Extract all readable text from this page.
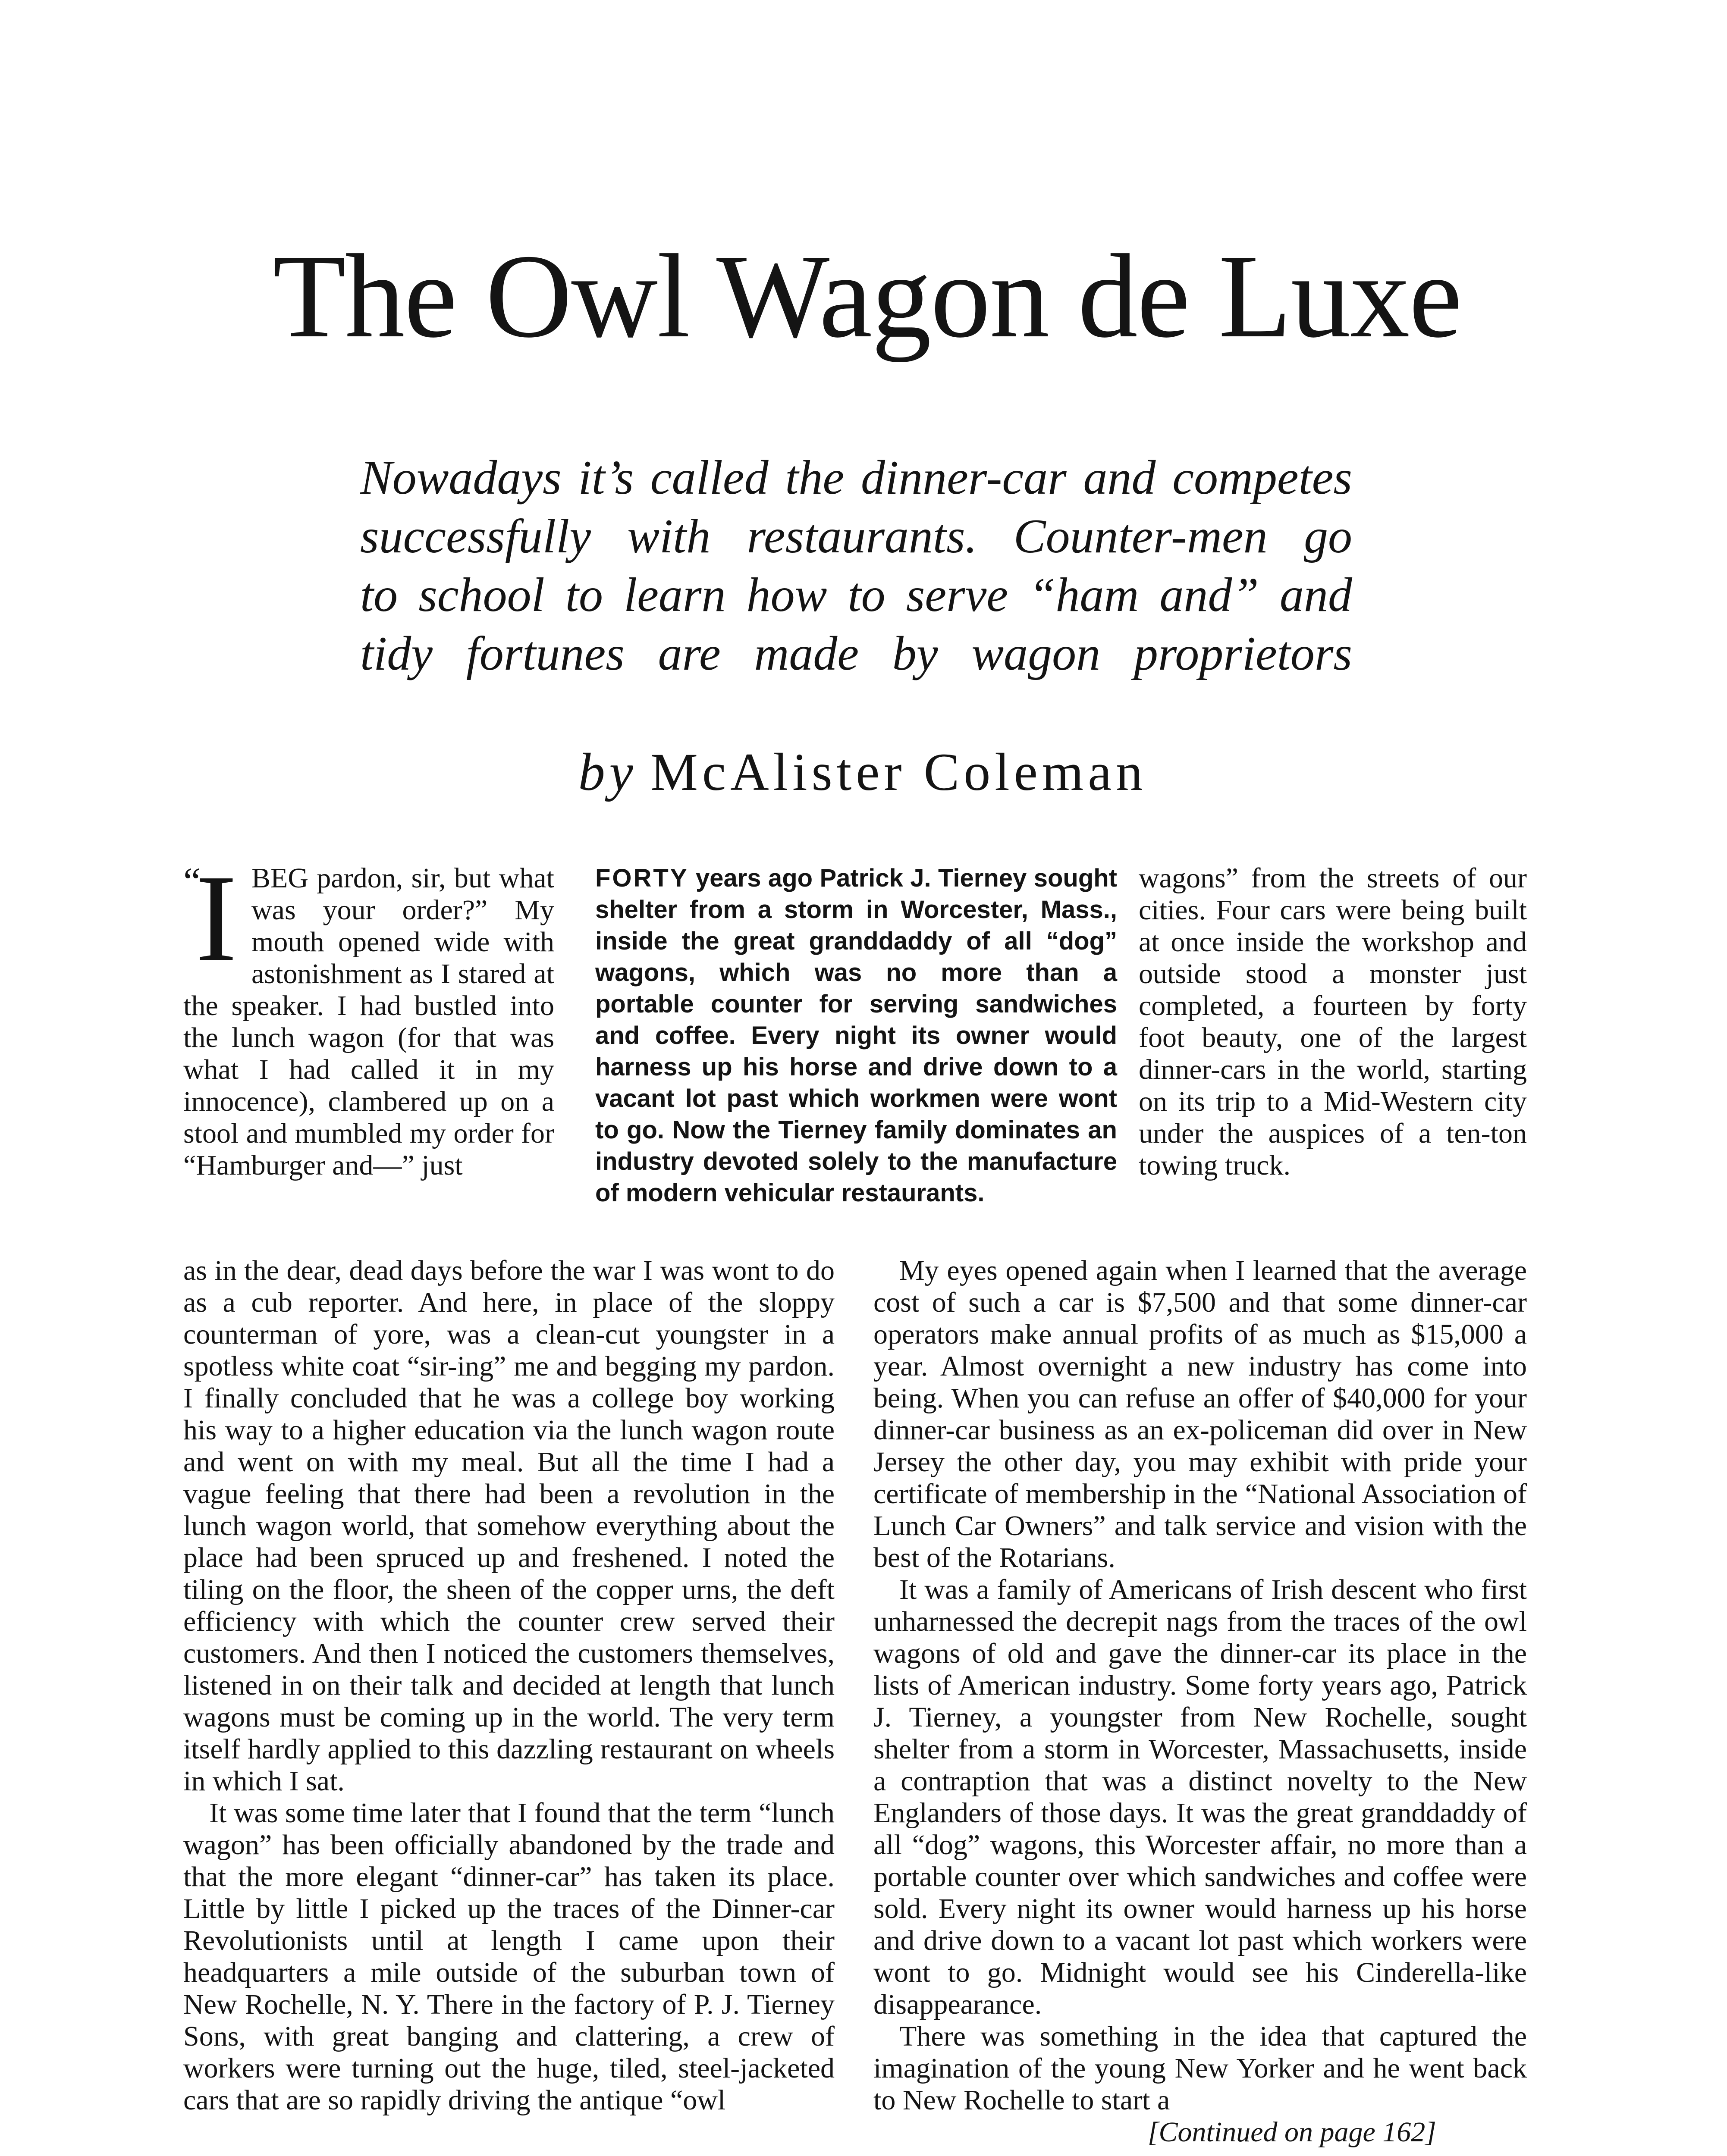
The Owl Wagon de Luxe
Nowadays it’s called the dinner-car and competes
successfully with restaurants. Counter-men go
to school to learn how to serve “ham and” and
tidy fortunes are made by wagon proprietors
by McAlister Coleman
“
I BEG pardon, sir, but what was your order?” My mouth opened wide with astonishment as I stared at the speaker. I had bustled into the lunch wagon (for that was what I had called it in my innocence), clambered up on a stool and mumbled my order for “Hamburger and—” just

FORTY years ago Patrick J. Tierney sought shelter from a storm in Worcester, Mass., inside the great granddaddy of all “dog” wagons, which was no more than a portable counter for serving sandwiches and coffee. Every night its owner would harness up his horse and drive down to a vacant lot past which workmen were wont to go. Now the Tierney family dominates an industry devoted solely to the manufacture of modern vehicular restaurants.

wagons” from the streets of our cities. Four cars were being built at once inside the workshop and outside stood a monster just completed, a fourteen by forty foot beauty, one of the largest dinner-cars in the world, starting on its trip to a Mid-Western city under the auspices of a ten-ton towing truck.

as in the dear, dead days before the war I was wont to do as a cub reporter. And here, in place of the sloppy counterman of yore, was a clean-cut youngster in a spotless white coat “sir-ing” me and begging my pardon. I finally concluded that he was a college boy working his way to a higher education via the lunch wagon route and went on with my meal. But all the time I had a vague feeling that there had been a revolution in the lunch wagon world, that somehow everything about the place had been spruced up and freshened. I noted the tiling on the floor, the sheen of the copper urns, the deft efficiency with which the counter crew served their customers. And then I noticed the customers themselves, listened in on their talk and decided at length that lunch wagons must be coming up in the world. The very term itself hardly applied to this dazzling restaurant on wheels in which I sat.

It was some time later that I found that the term “lunch wagon” has been officially abandoned by the trade and that the more elegant “dinner-car” has taken its place. Little by little I picked up the traces of the Dinner-car Revolutionists until at length I came upon their headquarters a mile outside of the suburban town of New Rochelle, N. Y. There in the factory of P. J. Tierney Sons, with great banging and clattering, a crew of workers were turning out the huge, tiled, steel-jacketed cars that are so rapidly driving the antique “owl

My eyes opened again when I learned that the average cost of such a car is $7,500 and that some dinner-car operators make annual profits of as much as $15,000 a year. Almost overnight a new industry has come into being. When you can refuse an offer of $40,000 for your dinner-car business as an ex-policeman did over in New Jersey the other day, you may exhibit with pride your certificate of membership in the “National Association of Lunch Car Owners” and talk service and vision with the best of the Rotarians.

It was a family of Americans of Irish descent who first unharnessed the decrepit nags from the traces of the owl wagons of old and gave the dinner-car its place in the lists of American industry. Some forty years ago, Patrick J. Tierney, a youngster from New Rochelle, sought shelter from a storm in Worcester, Massachusetts, inside a contraption that was a distinct novelty to the New Englanders of those days. It was the great granddaddy of all “dog” wagons, this Worcester affair, no more than a portable counter over which sandwiches and coffee were sold. Every night its owner would harness up his horse and drive down to a vacant lot past which workers were wont to go. Midnight would see his Cinderella-like disappearance.

There was something in the idea that captured the imagination of the young New Yorker and he went back to New Rochelle to start a

[Continued on page 162]
